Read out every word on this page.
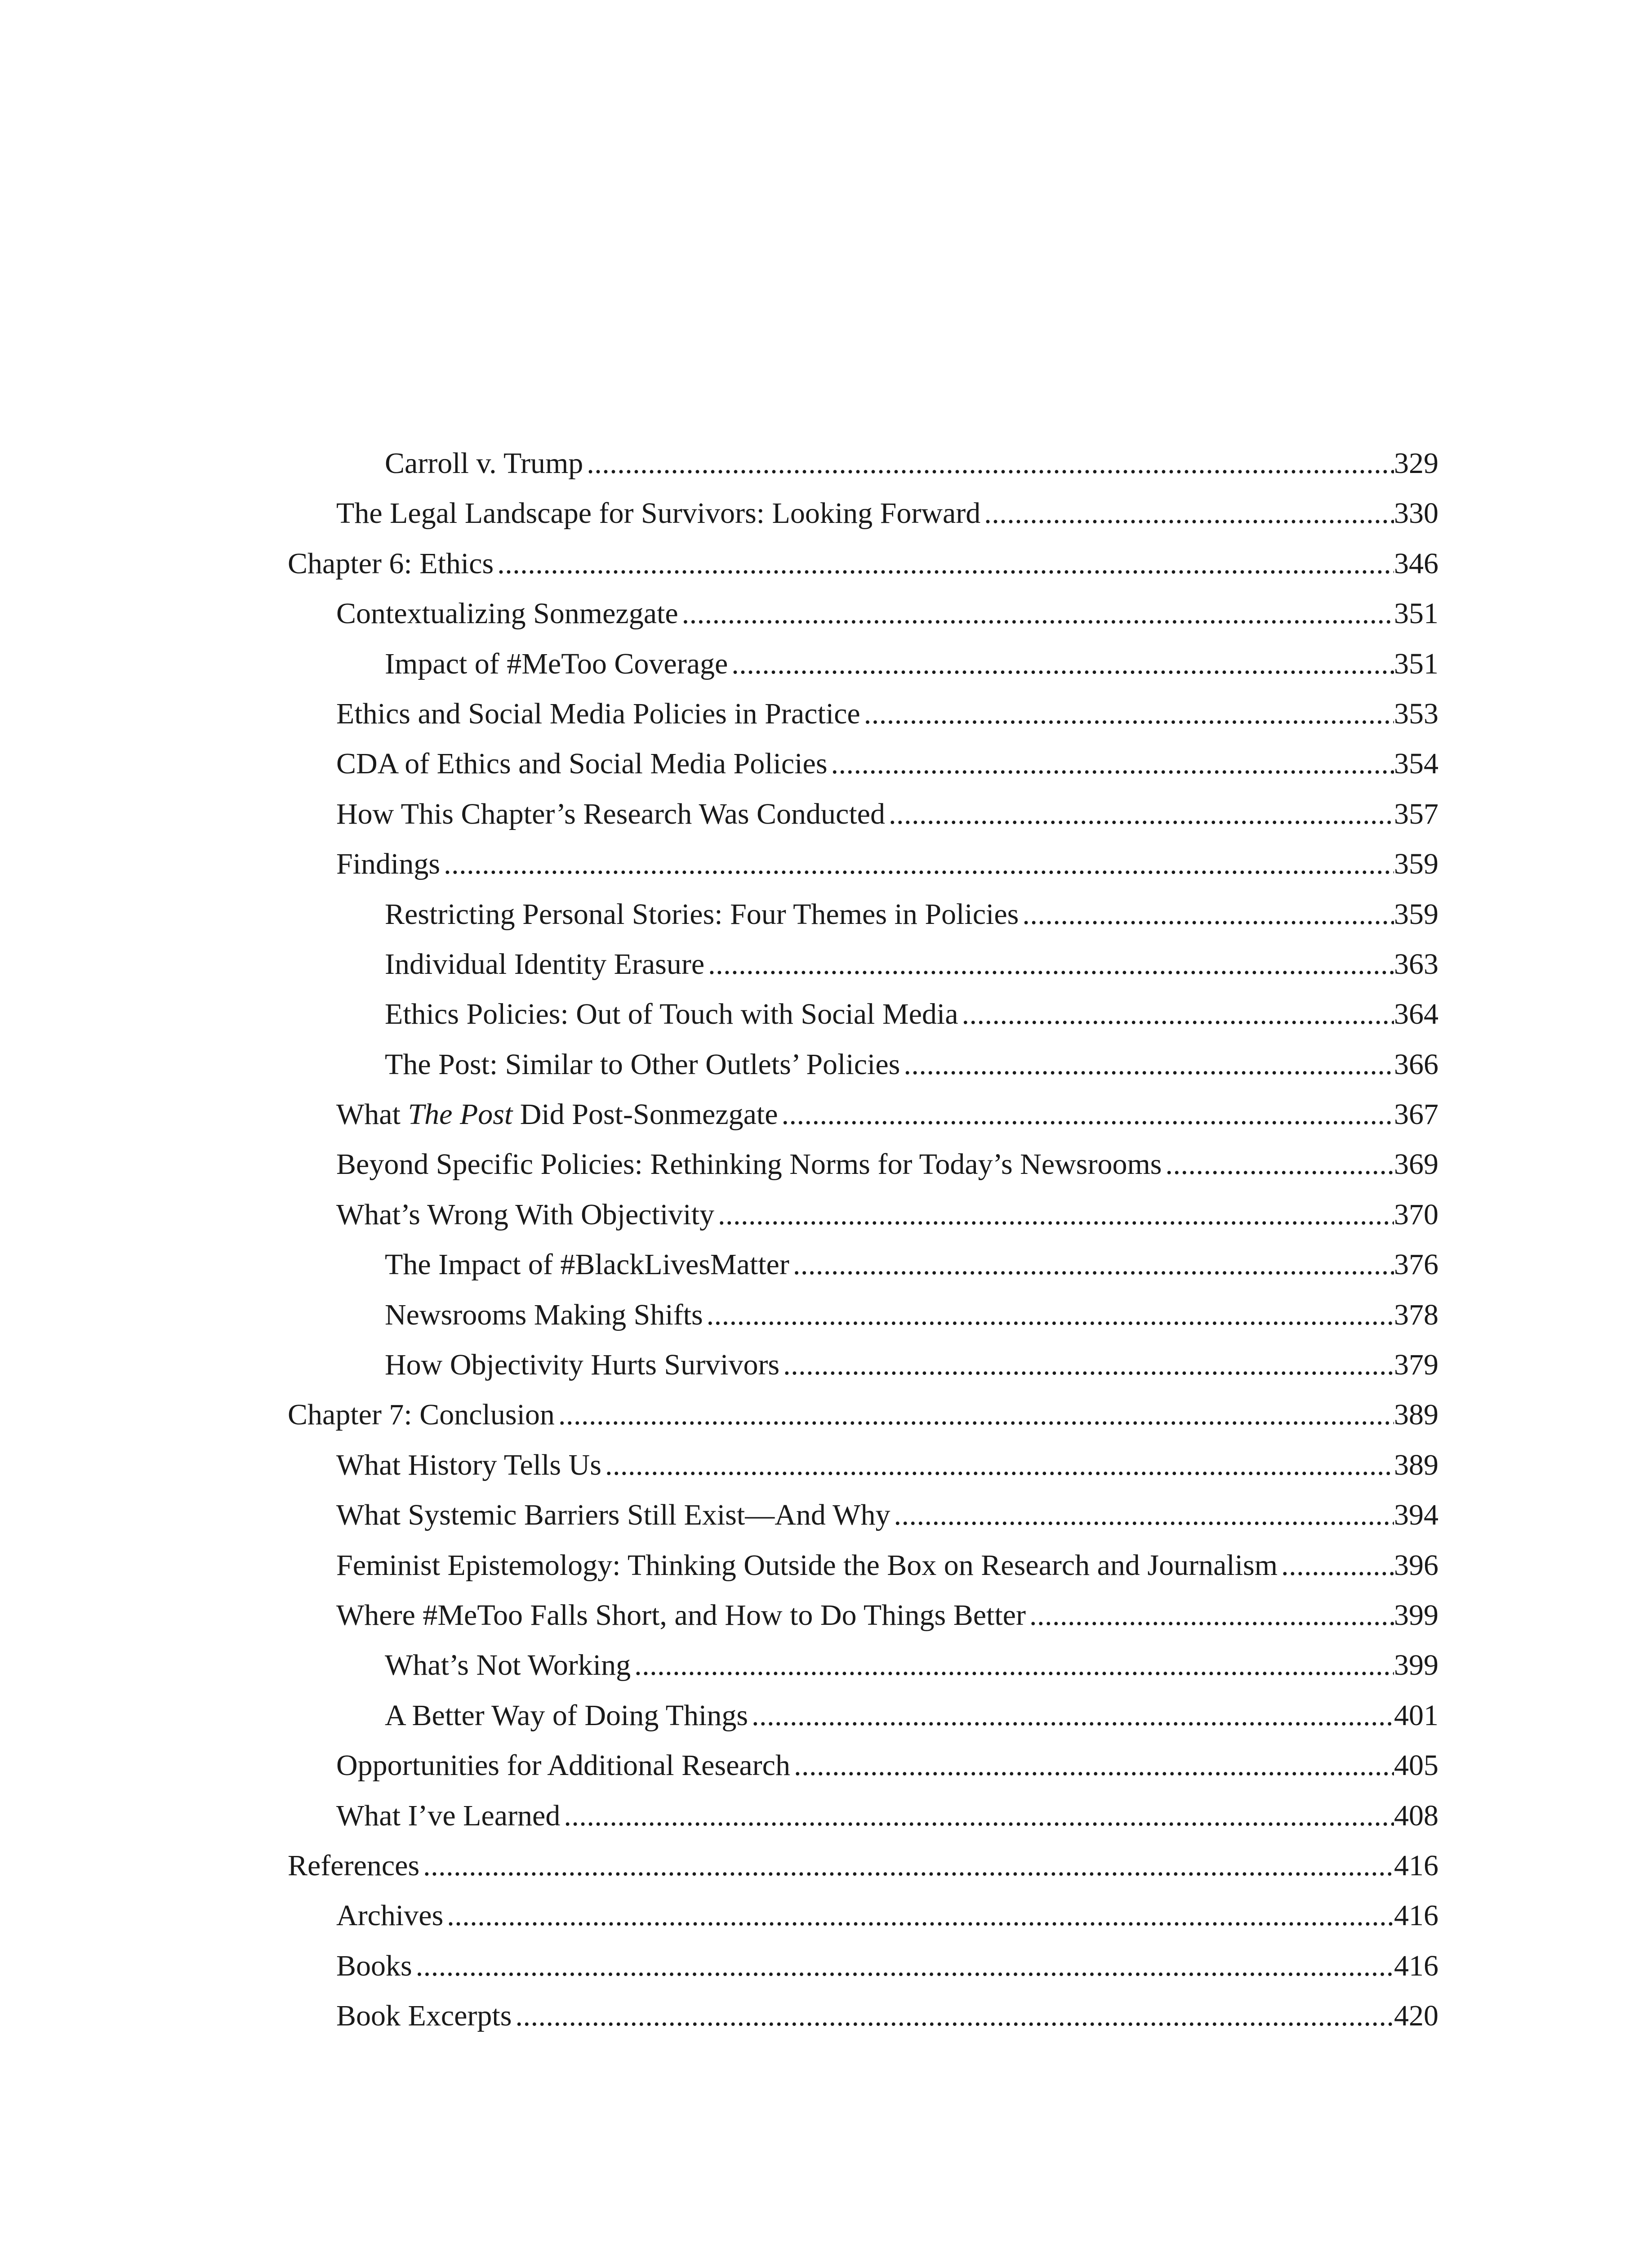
Carroll v. Trump .....	329
The Legal Landscape for Survivors: Looking Forward .....	330
Chapter 6: Ethics .....	346
Contextualizing Sonmezgate .....	351
Impact of #MeToo Coverage .....	351
Ethics and Social Media Policies in Practice .....	353
CDA of Ethics and Social Media Policies .....	354
How This Chapter’s Research Was Conducted .....	357
Findings .....	359
Restricting Personal Stories: Four Themes in Policies .....	359
Individual Identity Erasure .....	363
Ethics Policies: Out of Touch with Social Media .....	364
The Post: Similar to Other Outlets’ Policies .....	366
What The Post Did Post-Sonmezgate .....	367
Beyond Specific Policies: Rethinking Norms for Today’s Newsrooms .....	369
What’s Wrong With Objectivity .....	370
The Impact of #BlackLivesMatter .....	376
Newsrooms Making Shifts .....	378
How Objectivity Hurts Survivors .....	379
Chapter 7: Conclusion .....	389
What History Tells Us .....	389
What Systemic Barriers Still Exist—And Why .....	394
Feminist Epistemology: Thinking Outside the Box on Research and Journalism .....	396
Where #MeToo Falls Short, and How to Do Things Better .....	399
What’s Not Working .....	399
A Better Way of Doing Things .....	401
Opportunities for Additional Research .....	405
What I’ve Learned .....	408
References .....	416
Archives .....	416
Books .....	416
Book Excerpts .....	420
